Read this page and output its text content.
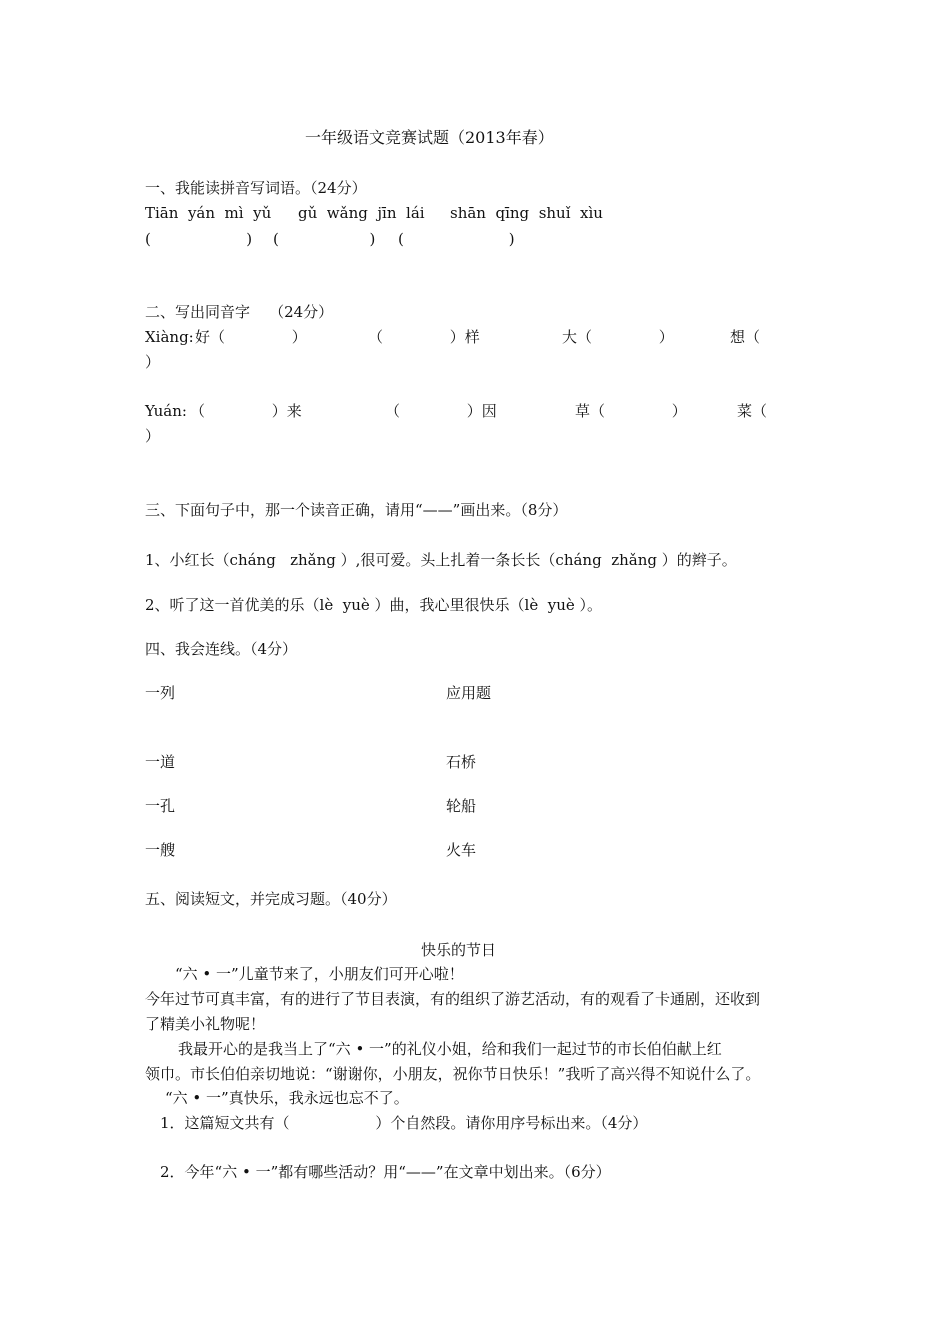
一年级语文竞赛试题（2013年春）
一、我能读拼音写词语。（24分）
Tiān  yán  mì  yǔ gǔ  wǎng  jīn  lái shān  qīng  shuǐ  xìu
(                    ) (                   ) (                      )
二、写出同音字    （24分）
Xiàng: 好（              ）	（              ）样	大（              ）	想（
）
Yuán: （              ）来	（              ）因	草（              ）	菜（
）
三、下面句子中，那一个读音正确，请用“——”画出来。（8分）
1、小红长（cháng   zhǎng ）,很可爱。头上扎着一条长长（cháng  zhǎng ）的辫子。
2、听了这一首优美的乐（lè  yuè ）曲，我心里很快乐（lè  yuè ）。
四、我会连线。（4分）
一列	应用题
一道	石桥
一孔	轮船
一艘	火车
五、阅读短文，并完成习题。（40分）
快乐的节日
“六 • 一”儿童节来了，小朋友们可开心啦！
今年过节可真丰富，有的进行了节目表演，有的组织了游艺活动，有的观看了卡通剧，还收到
了精美小礼物呢！
我最开心的是我当上了“六 • 一”的礼仪小姐，给和我们一起过节的市长伯伯献上红
领巾。市长伯伯亲切地说：“谢谢你，小朋友，祝你节日快乐！”我听了高兴得不知说什么了。
“六 • 一”真快乐，我永远也忘不了。
1．这篇短文共有（                  ）个自然段。请你用序号标出来。（4分）
2．今年“六 • 一”都有哪些活动？用“——”在文章中划出来。（6分）
